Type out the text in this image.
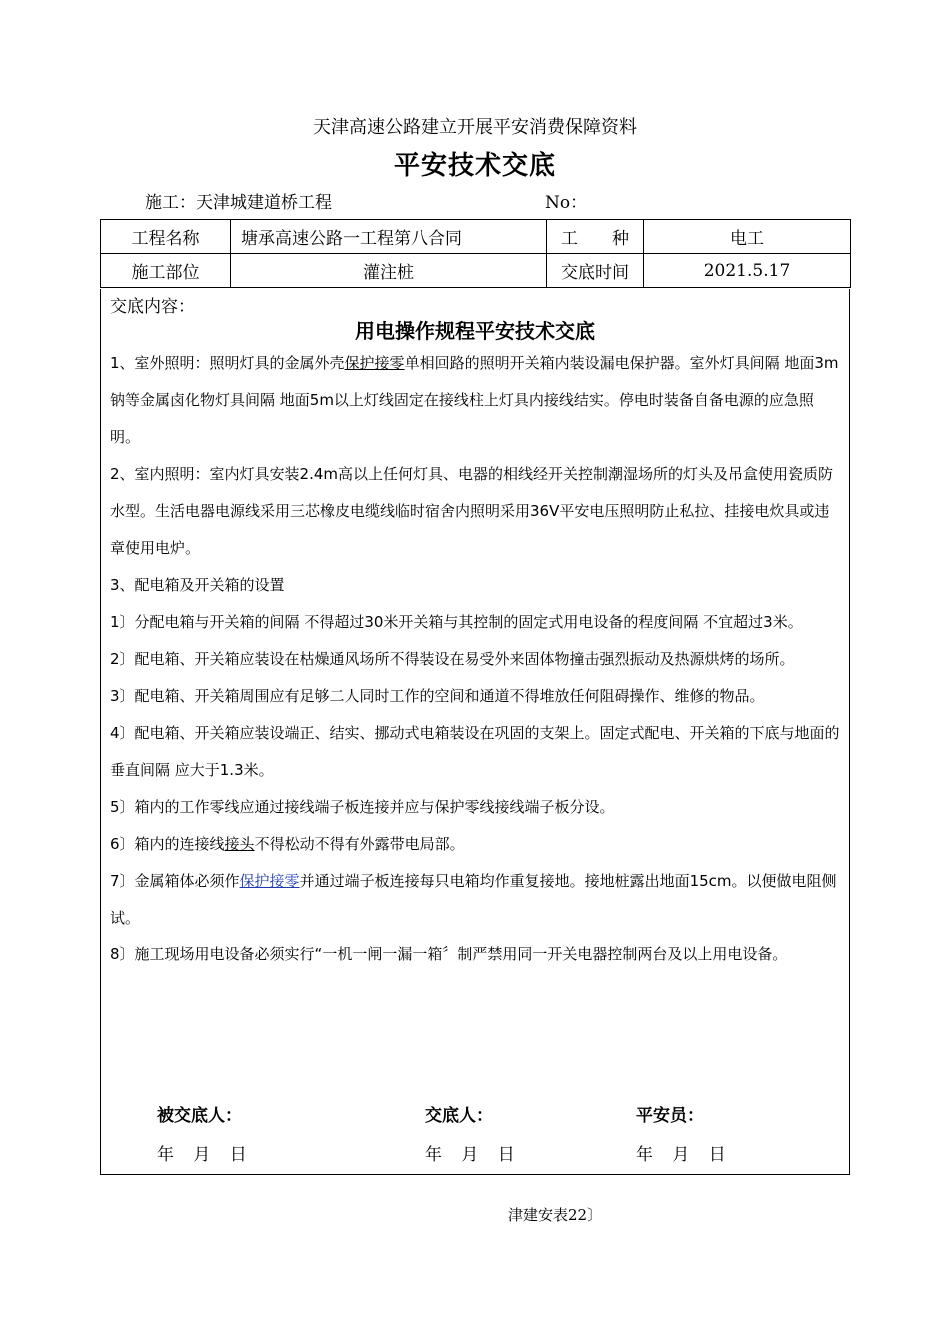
天津高速公路建立开展平安消费保障资料
平安技术交底
施工：天津城建道桥工程	No：
工程名称	塘承高速公路一工程第八合同	工　　种	电工
施工部位	灌注桩	交底时间	2021.5.17
交底内容：
用电操作规程平安技术交底

1、室外照明：照明灯具的金属外壳保护接零单相回路的照明开关箱内装设漏电保护器。室外灯具间隔 地面3m钠等金属卤化物灯具间隔 地面5m以上灯线固定在接线柱上灯具内接线结实。停电时装备自备电源的应急照明。

2、室内照明：室内灯具安装2.4m高以上任何灯具、电器的相线经开关控制潮湿场所的灯头及吊盒使用瓷质防水型。生活电器电源线采用三芯橡皮电缆线临时宿舍内照明采用36V平安电压照明防止私拉、挂接电炊具或违章使用电炉。

3、配电箱及开关箱的设置

1〕分配电箱与开关箱的间隔 不得超过30米开关箱与其控制的固定式用电设备的程度间隔 不宜超过3米。

2〕配电箱、开关箱应装设在枯燥通风场所不得装设在易受外来固体物撞击强烈振动及热源烘烤的场所。

3〕配电箱、开关箱周围应有足够二人同时工作的空间和通道不得堆放任何阻碍操作、维修的物品。

4〕配电箱、开关箱应装设端正、结实、挪动式电箱装设在巩固的支架上。固定式配电、开关箱的下底与地面的垂直间隔 应大于1.3米。

5〕箱内的工作零线应通过接线端子板连接并应与保护零线接线端子板分设。

6〕箱内的连接线接头不得松动不得有外露带电局部。

7〕金属箱体必须作保护接零并通过端子板连接每只电箱均作重复接地。接地桩露出地面15cm。以便做电阻侧试。

8〕施工现场用电设备必须实行“一机一闸一漏一箱〞制严禁用同一开关电器控制两台及以上用电设备。

被交底人：	交底人：	平安员：
年 月 日	年 月 日	年 月 日
津建安表22〕
